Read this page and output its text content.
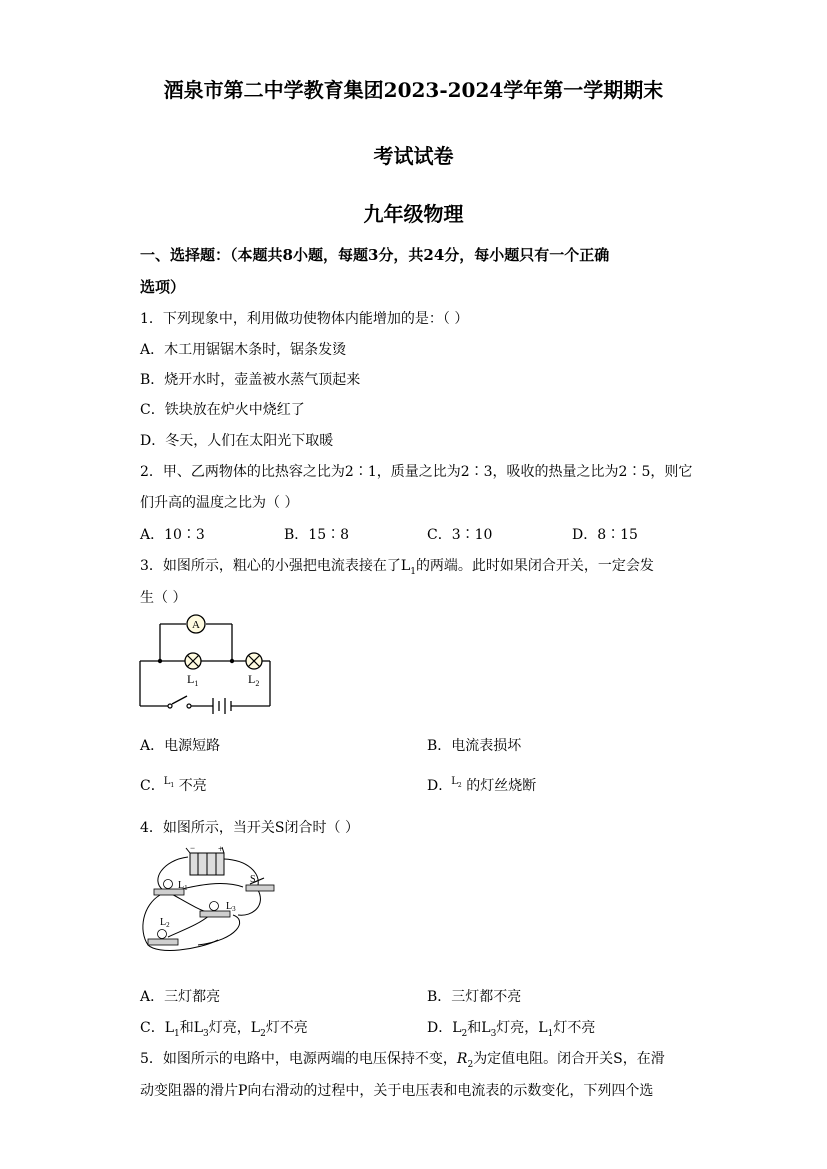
酒泉市第二中学教育集团2023-2024学年第一学期期末
考试试卷
九年级物理
一、选择题：（本题共8小题，每题3分，共24分，每小题只有一个正确
选项）
1．下列现象中，利用做功使物体内能增加的是：（ ）
A．木工用锯锯木条时，锯条发烫
B．烧开水时，壶盖被水蒸气顶起来
C．铁块放在炉火中烧红了
D．冬天，人们在太阳光下取暖
2．甲、乙两物体的比热容之比为2∶1，质量之比为2∶3，吸收的热量之比为2∶5，则它
们升高的温度之比为（ ）
A．10∶3	B．15∶8	C．3∶10	D．8∶15
3．如图所示，粗心的小强把电流表接在了$L_1$的两端。此时如果闭合开关，一定会发
生（ ）
A
$L_1$	$L_2$
A．电源短路	B．电流表损坏
C． $L_1$ 不亮	D． $L_2$ 的灯丝烧断
4．如图所示，当开关S闭合时（ ）
−	+
$L_1$
S
$L_3$
$L_2$
A．三灯都亮	B．三灯都不亮
C．$L_1$和$L_3$灯亮，$L_2$灯不亮	D．$L_2$和$L_3$灯亮，$L_1$灯不亮
5．如图所示的电路中，电源两端的电压保持不变，$R_2$为定值电阻。闭合开关S，在滑
动变阻器的滑片P向右滑动的过程中，关于电压表和电流表的示数变化，下列四个选
